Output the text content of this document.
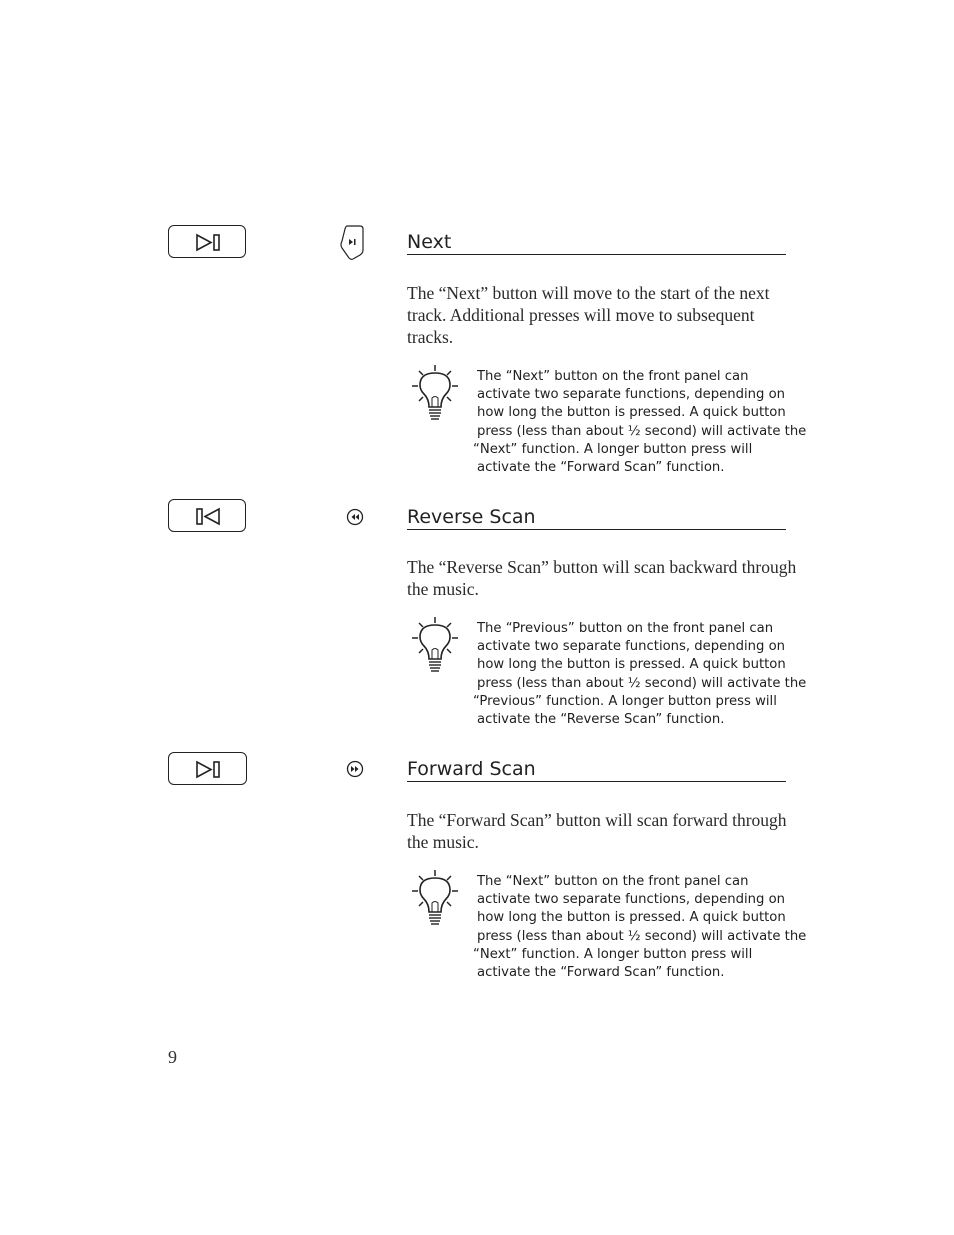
Next
The “Next” button will move to the start of the next track. Additional presses will move to subsequent tracks.
The “Next” button on the front panel can
activate two separate functions, depending on
how long the button is pressed. A quick button
press (less than about ½ second) will activate the
“Next” function. A longer button press will
activate the “Forward Scan” function.
Reverse Scan
The “Reverse Scan” button will scan backward through the music.
The “Previous” button on the front panel can
activate two separate functions, depending on
how long the button is pressed. A quick button
press (less than about ½ second) will activate the
“Previous” function. A longer button press will
activate the “Reverse Scan” function.
Forward Scan
The “Forward Scan” button will scan forward through the music.
The “Next” button on the front panel can
activate two separate functions, depending on
how long the button is pressed. A quick button
press (less than about ½ second) will activate the
“Next” function. A longer button press will
activate the “Forward Scan” function.
9
